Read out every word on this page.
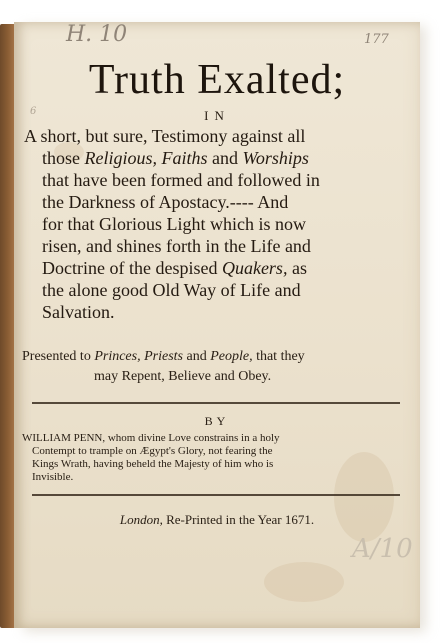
H. 10	177
6
A/10
Truth Exalted;
IN
A short, but sure, Testimony against all
those Religious, Faiths and Worships
that have been formed and followed in
the Darkness of Apostacy.---- And
for that Glorious Light which is now
risen, and shines forth in the Life and
Doctrine of the despised Quakers, as
the alone good Old Way of Life and
Salvation.
Presented to Princes, Priests and People, that they
may Repent, Believe and Obey.
BY
WILLIAM PENN, whom divine Love constrains in a holy
Contempt to trample on Ægypt's Glory, not fearing the
Kings Wrath, having beheld the Majesty of him who is
Invisible.
London, Re-Printed in the Year 1671.
